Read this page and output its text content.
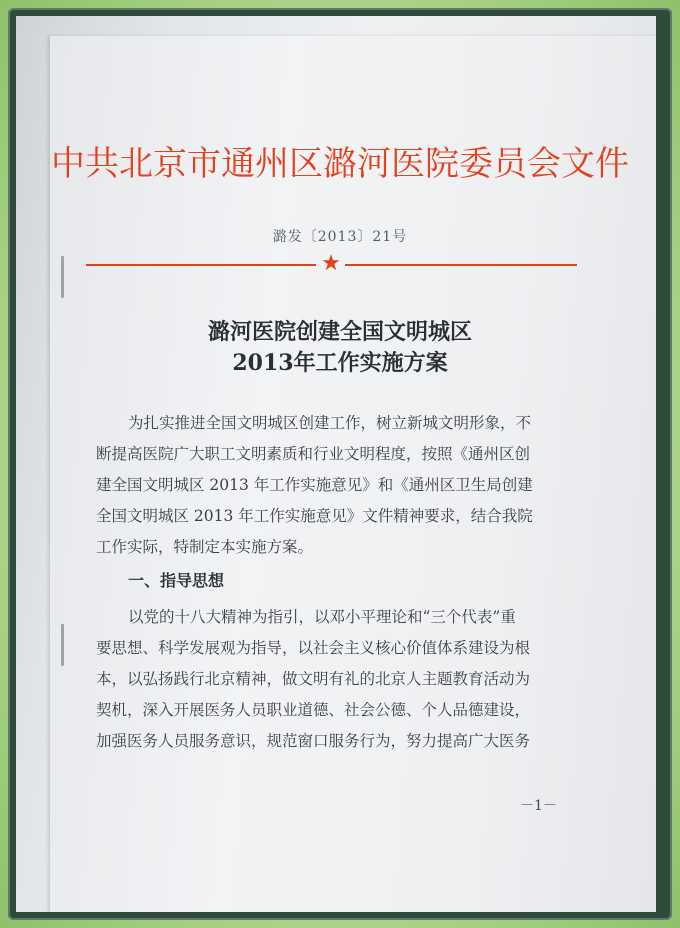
中共北京市通州区潞河医院委员会文件
潞发〔2013〕21号
★
潞河医院创建全国文明城区
2013年工作实施方案
为扎实推进全国文明城区创建工作，树立新城文明形象，不
断提高医院广大职工文明素质和行业文明程度，按照《通州区创
建全国文明城区 2013 年工作实施意见》和《通州区卫生局创建
全国文明城区 2013 年工作实施意见》文件精神要求，结合我院
工作实际，特制定本实施方案。
一、指导思想
以党的十八大精神为指引，以邓小平理论和“三个代表”重
要思想、科学发展观为指导，以社会主义核心价值体系建设为根
本，以弘扬践行北京精神，做文明有礼的北京人主题教育活动为
契机，深入开展医务人员职业道德、社会公德、个人品德建设，
加强医务人员服务意识，规范窗口服务行为，努力提高广大医务
－1－
